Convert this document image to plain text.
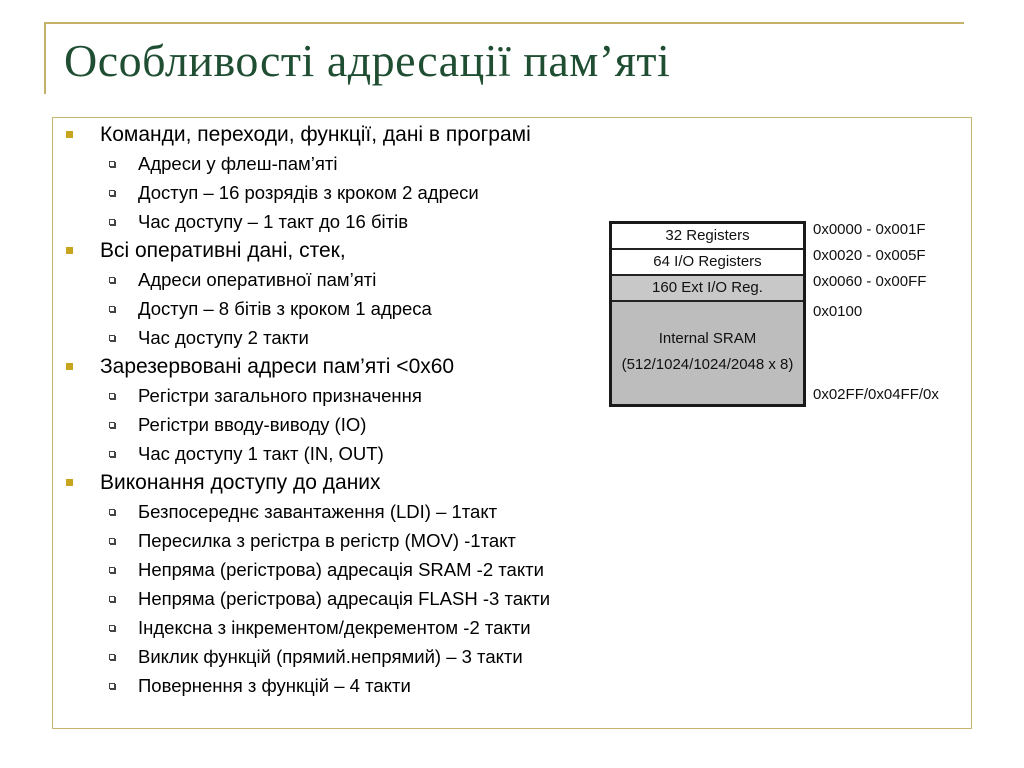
Особливості адресації пам’яті
Команди, переходи, функції, дані в програмі
Адреси у флеш-пам’яті
Доступ – 16 розрядів з кроком 2 адреси
Час доступу – 1 такт до 16 бітів
Всі оперативні дані, стек,
Адреси оперативної пам’яті
Доступ – 8 бітів з кроком 1 адреса
Час доступу 2 такти
Зарезервовані адреси пам’яті <0x60
Регістри загального призначення
Регістри вводу-виводу (IO)
Час доступу 1 такт (IN, OUT)
Виконання доступу до даних
Безпосереднє завантаження (LDI) – 1такт
Пересилка з регістра в регістр (MOV) -1такт
Непряма (регістрова) адресація SRAM -2 такти
Непряма (регістрова) адресація FLASH -3 такти
Індексна з інкрементом/декрементом -2 такти
Виклик функцій (прямий.непрямий) – 3 такти
Повернення з функцій – 4 такти
32 Registers
64 I/O Registers
160 Ext I/O Reg.
Internal SRAM
(512/1024/1024/2048 x 8)
0x0000 - 0x001F
0x0020 - 0x005F
0x0060 - 0x00FF
0x0100
0x02FF/0x04FF/0x
